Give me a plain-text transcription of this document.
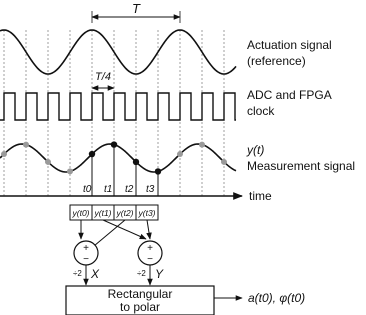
T
T/4
Actuation signal
(reference)
ADC and FPGA
clock
y(t)
Measurement signal
time
t0 t1 t2 t3
y(t0) y(t1) y(t2) y(t3)
+
−
÷2 X
+
−
÷2 Y
Rectangular
to polar
a(t0), φ(t0)
